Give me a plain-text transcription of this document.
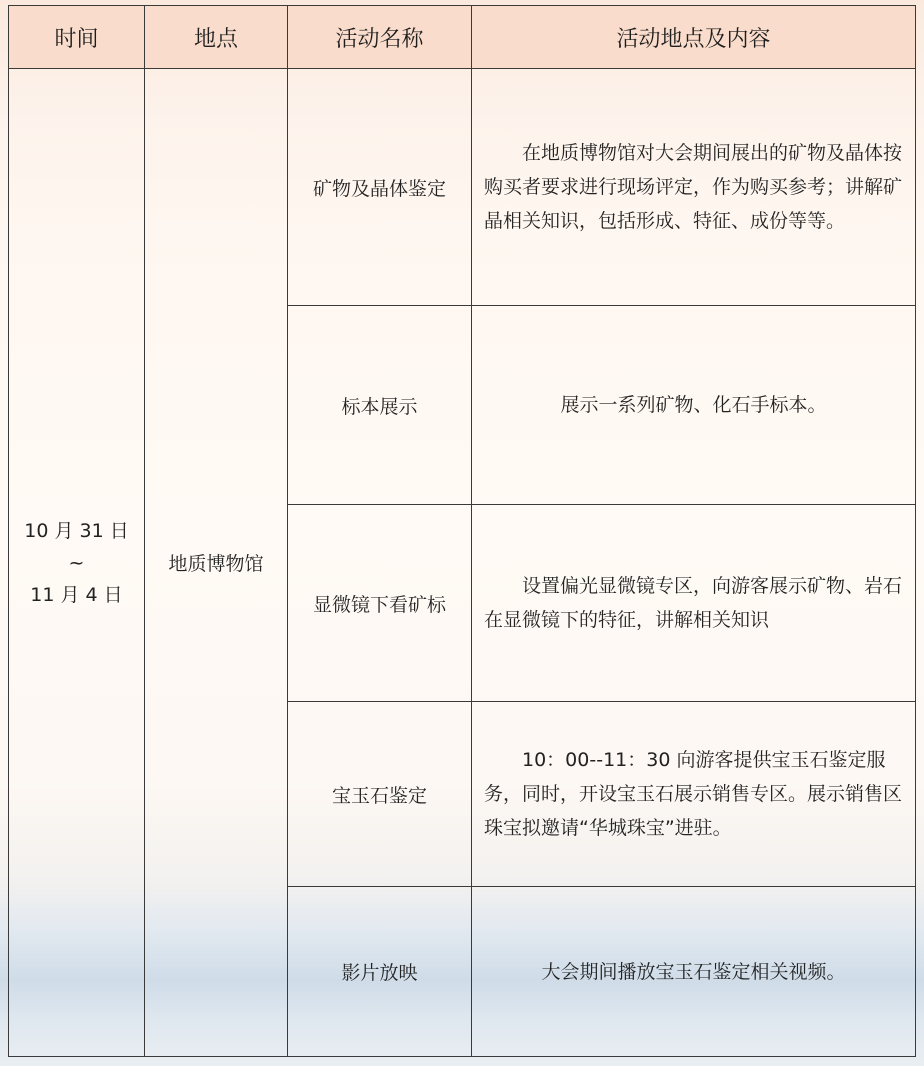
时间	地点	活动名称	活动地点及内容

10 月 31 日
~
11 月 4 日	地质博物馆	矿物及晶体鉴定	在地质博物馆对大会期间展出的矿物及晶体按购买者要求进行现场评定，作为购买参考；讲解矿晶相关知识，包括形成、特征、成份等等。

		标本展示	展示一系列矿物、化石手标本。

		显微镜下看矿标	设置偏光显微镜专区，向游客展示矿物、岩石在显微镜下的特征，讲解相关知识

		宝玉石鉴定	10：00--11：30 向游客提供宝玉石鉴定服务，同时，开设宝玉石展示销售专区。展示销售区珠宝拟邀请“华城珠宝”进驻。

		影片放映	大会期间播放宝玉石鉴定相关视频。
